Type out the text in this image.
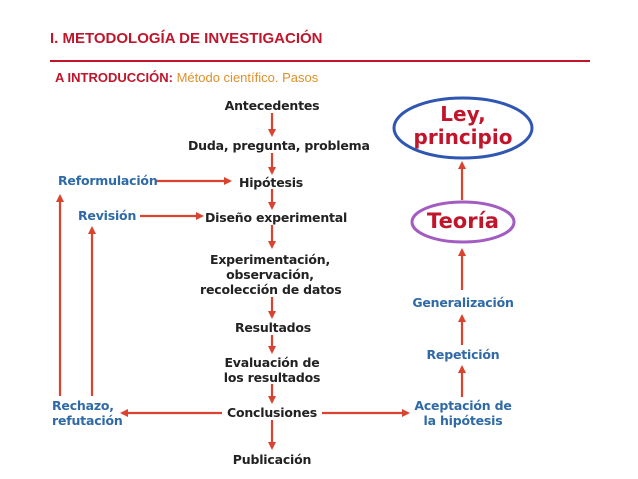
I. METODOLOGÍA DE INVESTIGACIÓN
A INTRODUCCIÓN: Método científico. Pasos
Antecedentes
Duda, pregunta, problema
Hipótesis
Diseño experimental
Experimentación,
observación,
recolección de datos
Resultados
Evaluación de
los resultados
Conclusiones
Publicación
Reformulación
Revisión
Rechazo,
refutación
Aceptación de
la hipótesis
Repetición
Generalización
Teoría
Ley,
principio
